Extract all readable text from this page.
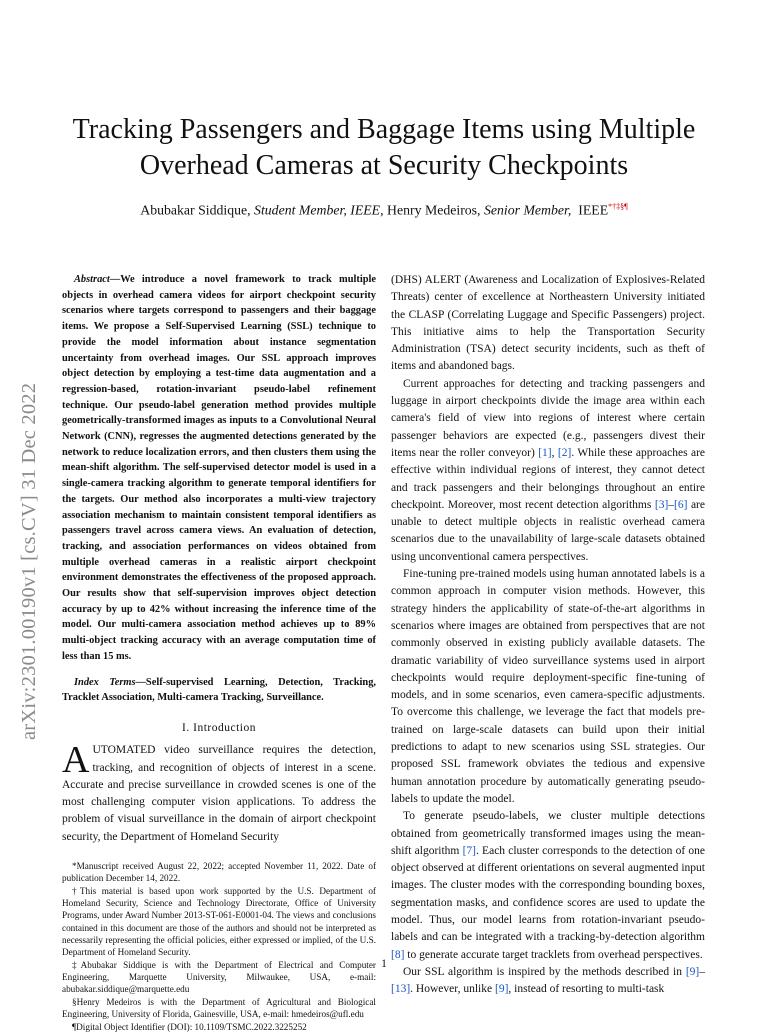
arXiv:2301.00190v1 [cs.CV] 31 Dec 2022
Tracking Passengers and Baggage Items using Multiple Overhead Cameras at Security Checkpoints
Abubakar Siddique, Student Member, IEEE, Henry Medeiros, Senior Member, IEEE*†‡§¶

Abstract—We introduce a novel framework to track multiple objects in overhead camera videos for airport checkpoint security scenarios where targets correspond to passengers and their baggage items. We propose a Self-Supervised Learning (SSL) technique to provide the model information about instance segmentation uncertainty from overhead images. Our SSL approach improves object detection by employing a test-time data augmentation and a regression-based, rotation-invariant pseudo-label refinement technique. Our pseudo-label generation method provides multiple geometrically-transformed images as inputs to a Convolutional Neural Network (CNN), regresses the augmented detections generated by the network to reduce localization errors, and then clusters them using the mean-shift algorithm. The self-supervised detector model is used in a single-camera tracking algorithm to generate temporal identifiers for the targets. Our method also incorporates a multi-view trajectory association mechanism to maintain consistent temporal identifiers as passengers travel across camera views. An evaluation of detection, tracking, and association performances on videos obtained from multiple overhead cameras in a realistic airport checkpoint environment demonstrates the effectiveness of the proposed approach. Our results show that self-supervision improves object detection accuracy by up to 42% without increasing the inference time of the model. Our multi-camera association method achieves up to 89% multi-object tracking accuracy with an average computation time of less than 15 ms.

Index Terms—Self-supervised Learning, Detection, Tracking, Tracklet Association, Multi-camera Tracking, Surveillance.

I. Introduction

AUTOMATED video surveillance requires the detection, tracking, and recognition of objects of interest in a scene. Accurate and precise surveillance in crowded scenes is one of the most challenging computer vision applications. To address the problem of visual surveillance in the domain of airport checkpoint security, the Department of Homeland Security

*Manuscript received August 22, 2022; accepted November 11, 2022. Date of publication December 14, 2022.

†This material is based upon work supported by the U.S. Department of Homeland Security, Science and Technology Directorate, Office of University Programs, under Award Number 2013-ST-061-E0001-04. The views and conclusions contained in this document are those of the authors and should not be interpreted as necessarily representing the official policies, either expressed or implied, of the U.S. Department of Homeland Security.

‡Abubakar Siddique is with the Department of Electrical and Computer Engineering, Marquette University, Milwaukee, USA, e-mail: abubakar.siddique@marquette.edu

§Henry Medeiros is with the Department of Agricultural and Biological Engineering, University of Florida, Gainesville, USA, e-mail: hmedeiros@ufl.edu

¶Digital Object Identifier (DOI): 10.1109/TSMC.2022.3225252

(DHS) ALERT (Awareness and Localization of Explosives-Related Threats) center of excellence at Northeastern University initiated the CLASP (Correlating Luggage and Specific Passengers) project. This initiative aims to help the Transportation Security Administration (TSA) detect security incidents, such as theft of items and abandoned bags.

Current approaches for detecting and tracking passengers and luggage in airport checkpoints divide the image area within each camera's field of view into regions of interest where certain passenger behaviors are expected (e.g., passengers divest their items near the roller conveyor) [1], [2]. While these approaches are effective within individual regions of interest, they cannot detect and track passengers and their belongings throughout an entire checkpoint. Moreover, most recent detection algorithms [3]–[6] are unable to detect multiple objects in realistic overhead camera scenarios due to the unavailability of large-scale datasets obtained using unconventional camera perspectives.

Fine-tuning pre-trained models using human annotated labels is a common approach in computer vision methods. However, this strategy hinders the applicability of state-of-the-art algorithms in scenarios where images are obtained from perspectives that are not commonly observed in existing publicly available datasets. The dramatic variability of video surveillance systems used in airport checkpoints would require deployment-specific fine-tuning of models, and in some scenarios, even camera-specific adjustments. To overcome this challenge, we leverage the fact that models pre-trained on large-scale datasets can build upon their initial predictions to adapt to new scenarios using SSL strategies. Our proposed SSL framework obviates the tedious and expensive human annotation procedure by automatically generating pseudo-labels to update the model.

To generate pseudo-labels, we cluster multiple detections obtained from geometrically transformed images using the mean-shift algorithm [7]. Each cluster corresponds to the detection of one object observed at different orientations on several augmented input images. The cluster modes with the corresponding bounding boxes, segmentation masks, and confidence scores are used to update the model. Thus, our model learns from rotation-invariant pseudo-labels and can be integrated with a tracking-by-detection algorithm [8] to generate accurate target tracklets from overhead perspectives.

Our SSL algorithm is inspired by the methods described in [9]–[13]. However, unlike [9], instead of resorting to multi-task

1
